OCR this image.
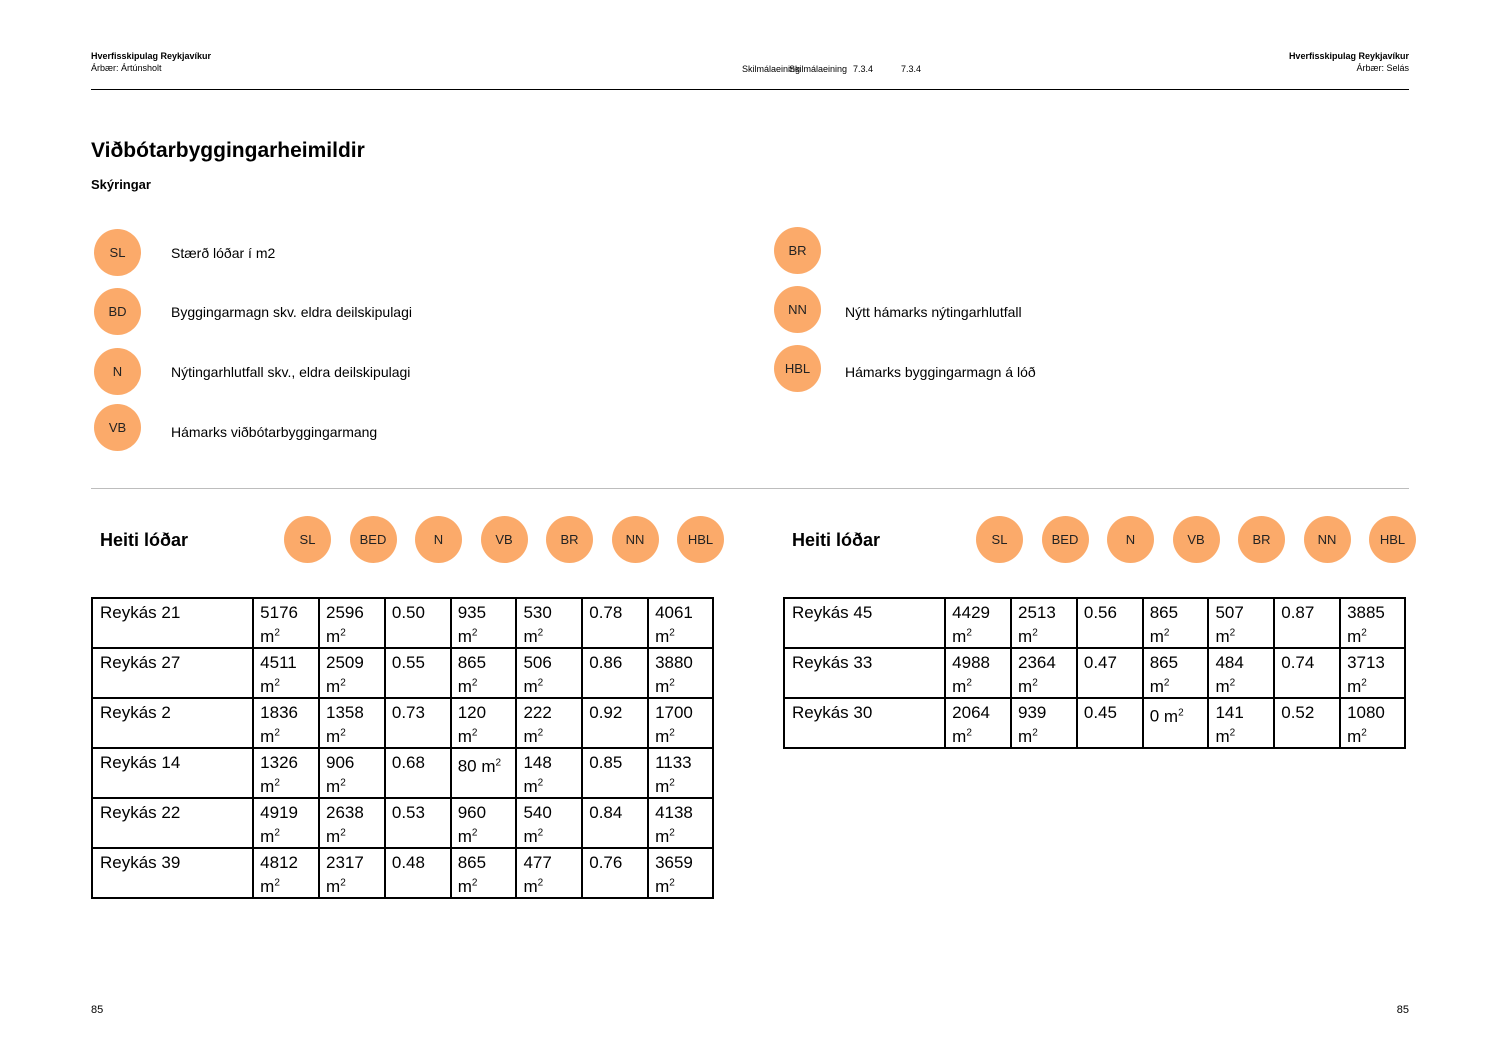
Hverfisskipulag Reykjavíkur
Árbær: Ártúnsholt
Hverfisskipulag Reykjavíkur
Árbær: Selás
Skilmálaeining
Skilmálaeining 7.3.4	7.3.4
Viðbótarbyggingarheimildir
Skýringar
SL	Stærð lóðar í m2
BD	Byggingarmagn skv. eldra deilskipulagi
N	Nýtingarhlutfall skv., eldra deilskipulagi
VB	Hámarks viðbótarbyggingarmang
BR
NN	Nýtt hámarks nýtingarhlutfall
HBL	Hámarks byggingarmagn á lóð
Heiti lóðar	SL	BED	N	VB	BR	NN	HBL	Heiti lóðar	SL	BED	N	VB	BR	NN	HBL
Reykás 21	5176 $m^2$	2596 $m^2$	0.50	935 $m^2$	530 $m^2$	0.78	4061 $m^2$
Reykás 27	4511 $m^2$	2509 $m^2$	0.55	865 $m^2$	506 $m^2$	0.86	3880 $m^2$
Reykás 2	1836 $m^2$	1358 $m^2$	0.73	120 $m^2$	222 $m^2$	0.92	1700 $m^2$
Reykás 14	1326 $m^2$	906 $m^2$	0.68	80 $m^2$	148 $m^2$	0.85	1133 $m^2$
Reykás 22	4919 $m^2$	2638 $m^2$	0.53	960 $m^2$	540 $m^2$	0.84	4138 $m^2$
Reykás 39	4812 $m^2$	2317 $m^2$	0.48	865 $m^2$	477 $m^2$	0.76	3659 $m^2$
Reykás 45	4429 $m^2$	2513 $m^2$	0.56	865 $m^2$	507 $m^2$	0.87	3885 $m^2$
Reykás 33	4988 $m^2$	2364 $m^2$	0.47	865 $m^2$	484 $m^2$	0.74	3713 $m^2$
Reykás 30	2064 $m^2$	939 $m^2$	0.45	0 $m^2$	141 $m^2$	0.52	1080 $m^2$
85	85
